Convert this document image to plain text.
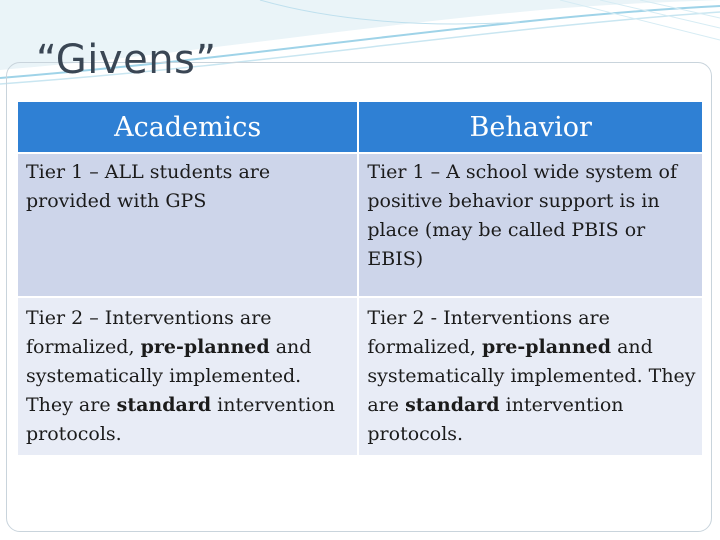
“Givens”
Academics	Behavior
Tier 1 – ALL students are provided with GPS	Tier 1 – A school wide system of positive behavior support is in place (may be called PBIS or EBIS)
Tier 2 – Interventions are formalized, pre-planned and systematically implemented. They are standard intervention protocols.	Tier 2 - Interventions are formalized, pre-planned and systematically implemented. They are standard intervention protocols.
